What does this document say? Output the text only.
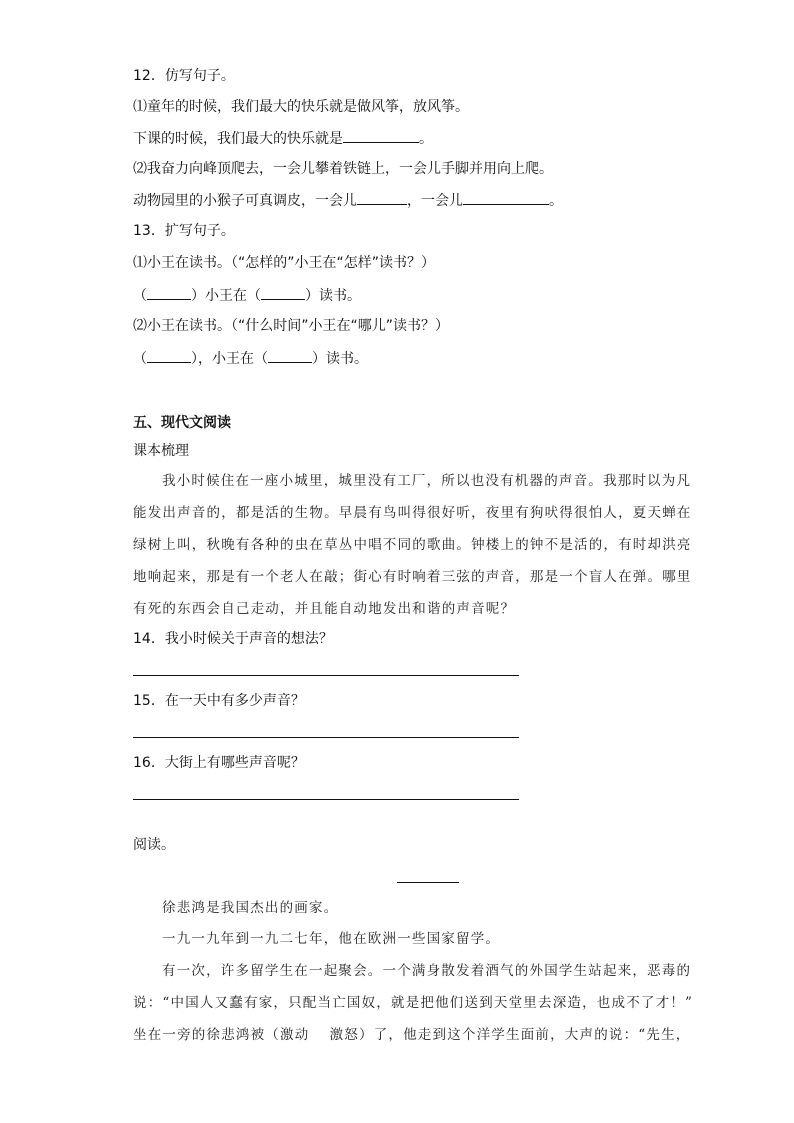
12．仿写句子。
⑴童年的时候，我们最大的快乐就是做风筝，放风筝。
下课的时候，我们最大的快乐就是	。
⑵我奋力向峰顶爬去，一会儿攀着铁链上，一会儿手脚并用向上爬。
动物园里的小猴子可真调皮，一会儿	，一会儿	。
13．扩写句子。
⑴小王在读书。（“怎样的”小王在“怎样”读书？）
（	）小王在（	）读书。
⑵小王在读书。（“什么时间”小王在“哪儿”读书？）
（	），小王在（	）读书。
五、现代文阅读
课本梳理
我小时候住在一座小城里，城里没有工厂，所以也没有机器的声音。我那时以为凡
能发出声音的，都是活的生物。早晨有鸟叫得很好听，夜里有狗吠得很怕人，夏天蝉在
绿树上叫，秋晚有各种的虫在草丛中唱不同的歌曲。钟楼上的钟不是活的，有时却洪亮
地响起来，那是有一个老人在敲；街心有时响着三弦的声音，那是一个盲人在弹。哪里
有死的东西会自己走动，并且能自动地发出和谐的声音呢？
14．我小时候关于声音的想法？
15．在一天中有多少声音？
16．大街上有哪些声音呢？
阅读。
徐悲鸿是我国杰出的画家。
一九一九年到一九二七年，他在欧洲一些国家留学。
有一次，许多留学生在一起聚会。一个满身散发着酒气的外国学生站起来，恶毒的
说：“中国人又蠢有家，只配当亡国奴，就是把他们送到天堂里去深造，也成不了才！”
坐在一旁的徐悲鸿被（激动　 激怒）了，他走到这个洋学生面前，大声的说：“先生，
